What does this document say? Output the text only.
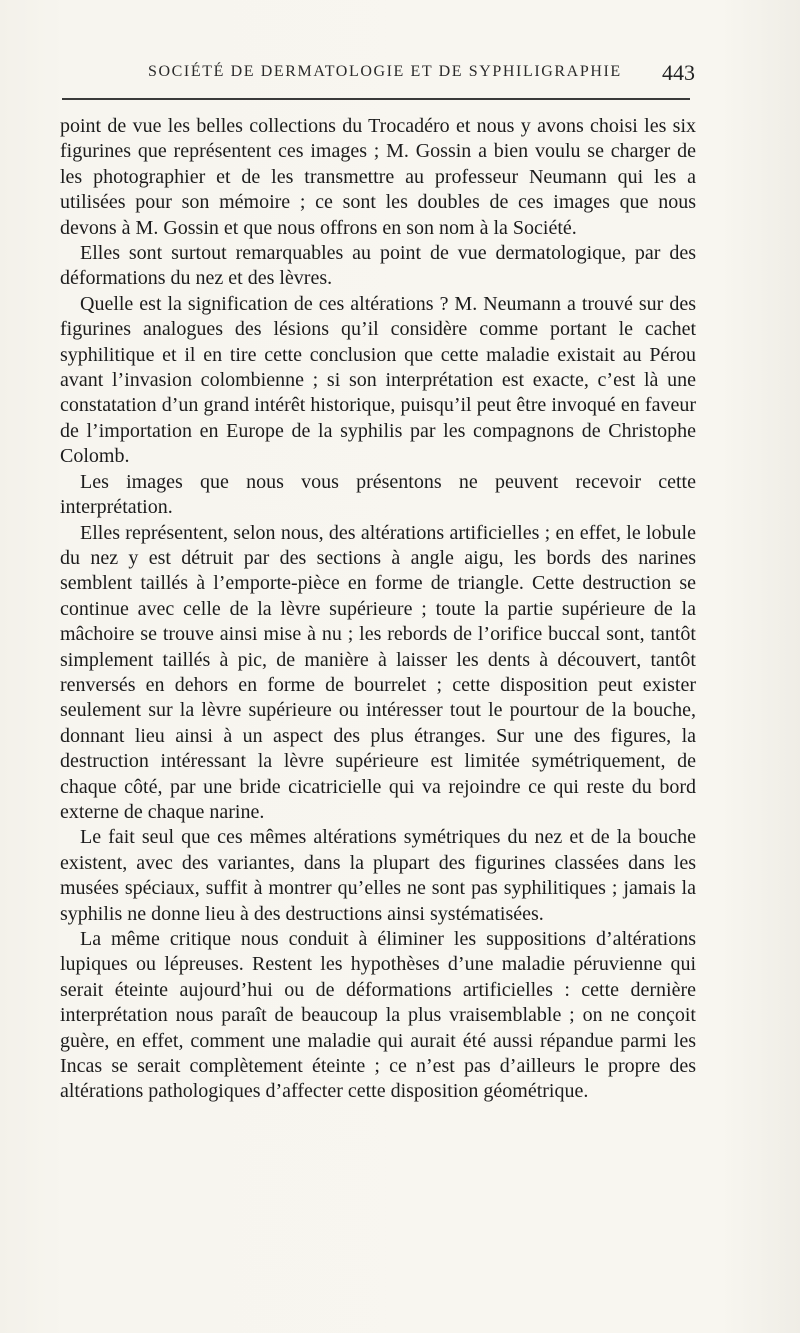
SOCIÉTÉ DE DERMATOLOGIE ET DE SYPHILIGRAPHIE 443

point de vue les belles collections du Trocadéro et nous y avons choisi les six figurines que représentent ces images ; M. Gossin a bien voulu se charger de les photographier et de les transmettre au professeur Neumann qui les a utilisées pour son mémoire ; ce sont les doubles de ces images que nous devons à M. Gossin et que nous offrons en son nom à la Société.

Elles sont surtout remarquables au point de vue dermatologique, par des déformations du nez et des lèvres.

Quelle est la signification de ces altérations ? M. Neumann a trouvé sur des figurines analogues des lésions qu’il considère comme portant le cachet syphilitique et il en tire cette conclusion que cette maladie existait au Pérou avant l’invasion colombienne ; si son interprétation est exacte, c’est là une constatation d’un grand intérêt historique, puisqu’il peut être invoqué en faveur de l’importation en Europe de la syphilis par les compagnons de Christophe Colomb.

Les images que nous vous présentons ne peuvent recevoir cette interprétation.

Elles représentent, selon nous, des altérations artificielles ; en effet, le lobule du nez y est détruit par des sections à angle aigu, les bords des narines semblent taillés à l’emporte-pièce en forme de triangle. Cette destruction se continue avec celle de la lèvre supérieure ; toute la partie supérieure de la mâchoire se trouve ainsi mise à nu ; les rebords de l’orifice buccal sont, tantôt simplement taillés à pic, de manière à laisser les dents à découvert, tantôt renversés en dehors en forme de bourrelet ; cette disposition peut exister seulement sur la lèvre supérieure ou intéresser tout le pourtour de la bouche, donnant lieu ainsi à un aspect des plus étranges. Sur une des figures, la destruction intéressant la lèvre supérieure est limitée symétriquement, de chaque côté, par une bride cicatricielle qui va rejoindre ce qui reste du bord externe de chaque narine.

Le fait seul que ces mêmes altérations symétriques du nez et de la bouche existent, avec des variantes, dans la plupart des figurines classées dans les musées spéciaux, suffit à montrer qu’elles ne sont pas syphilitiques ; jamais la syphilis ne donne lieu à des destructions ainsi systématisées.

La même critique nous conduit à éliminer les suppositions d’altérations lupiques ou lépreuses. Restent les hypothèses d’une maladie péruvienne qui serait éteinte aujourd’hui ou de déformations artificielles : cette dernière interprétation nous paraît de beaucoup la plus vraisemblable ; on ne conçoit guère, en effet, comment une maladie qui aurait été aussi répandue parmi les Incas se serait complètement éteinte ; ce n’est pas d’ailleurs le propre des altérations pathologiques d’affecter cette disposition géométrique.
